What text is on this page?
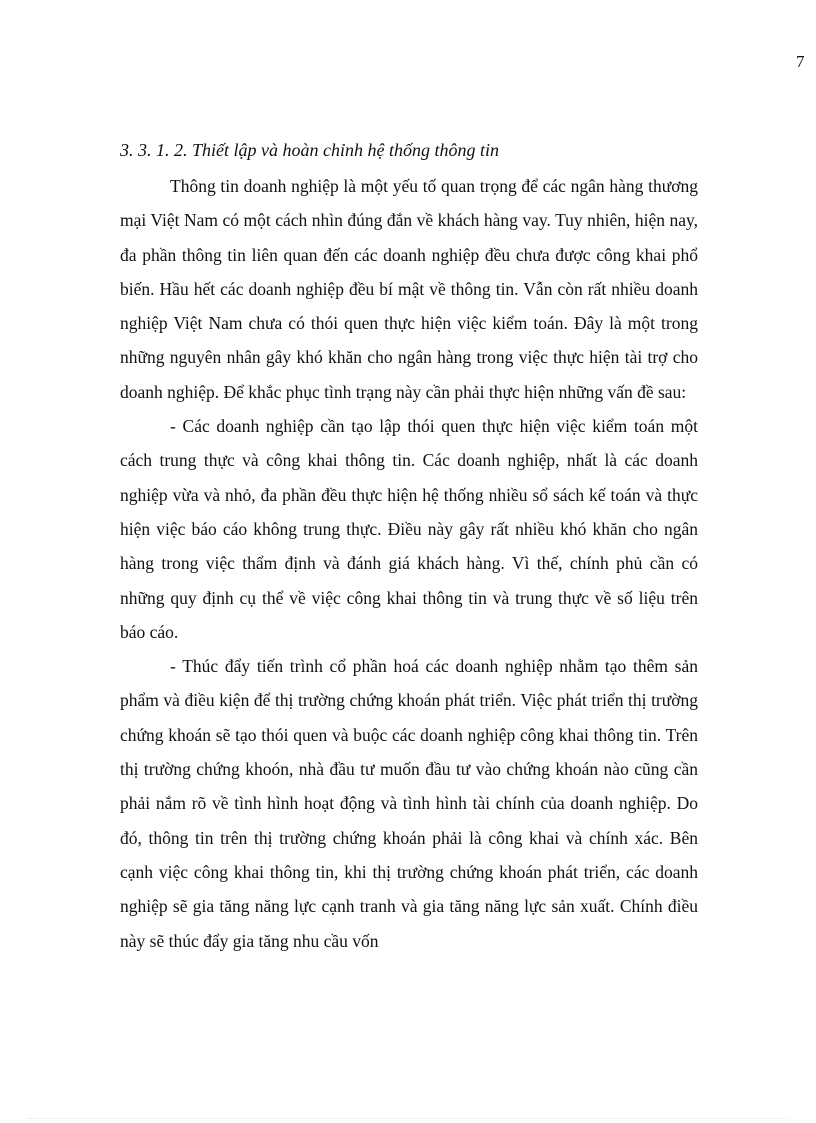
7
3. 3. 1. 2. Thiết lập và hoàn chỉnh hệ thống thông tin

Thông tin doanh nghiệp là một yếu tố quan trọng để các ngân hàng thương mại Việt Nam có một cách nhìn đúng đắn về khách hàng vay. Tuy nhiên, hiện nay, đa phần thông tin liên quan đến các doanh nghiệp đều chưa được công khai phổ biến. Hầu hết các doanh nghiệp đều bí mật về thông tin. Vẫn còn rất nhiều doanh nghiệp Việt Nam chưa có thói quen thực hiện việc kiểm toán. Đây là một trong những nguyên nhân gây khó khăn cho ngân hàng trong việc thực hiện tài trợ cho doanh nghiệp. Để khắc phục tình trạng này cần phải thực hiện những vấn đề sau:

- Các doanh nghiệp cần tạo lập thói quen thực hiện việc kiểm toán một cách trung thực và công khai thông tin. Các doanh nghiệp, nhất là các doanh nghiệp vừa và nhỏ, đa phần đều thực hiện hệ thống nhiều sổ sách kế toán và thực hiện việc báo cáo không trung thực. Điều này gây rất nhiều khó khăn cho ngân hàng trong việc thẩm định và đánh giá khách hàng. Vì thế, chính phủ cần có những quy định cụ thể về việc công khai thông tin và trung thực về số liệu trên báo cáo.

- Thúc đẩy tiến trình cổ phần hoá các doanh nghiệp nhằm tạo thêm sản phẩm và điều kiện để thị trường chứng khoán phát triển. Việc phát triển thị trường chứng khoán sẽ tạo thói quen và buộc các doanh nghiệp công khai thông tin. Trên thị trường chứng khoón, nhà đầu tư muốn đầu tư vào chứng khoán nào cũng cần phải nắm rõ về tình hình hoạt động và tình hình tài chính của doanh nghiệp. Do đó, thông tin trên thị trường chứng khoán phải là công khai và chính xác. Bên cạnh việc công khai thông tin, khi thị trường chứng khoán phát triển, các doanh nghiệp sẽ gia tăng năng lực cạnh tranh và gia tăng năng lực sản xuất. Chính điều này sẽ thúc đẩy gia tăng nhu cầu vốn
